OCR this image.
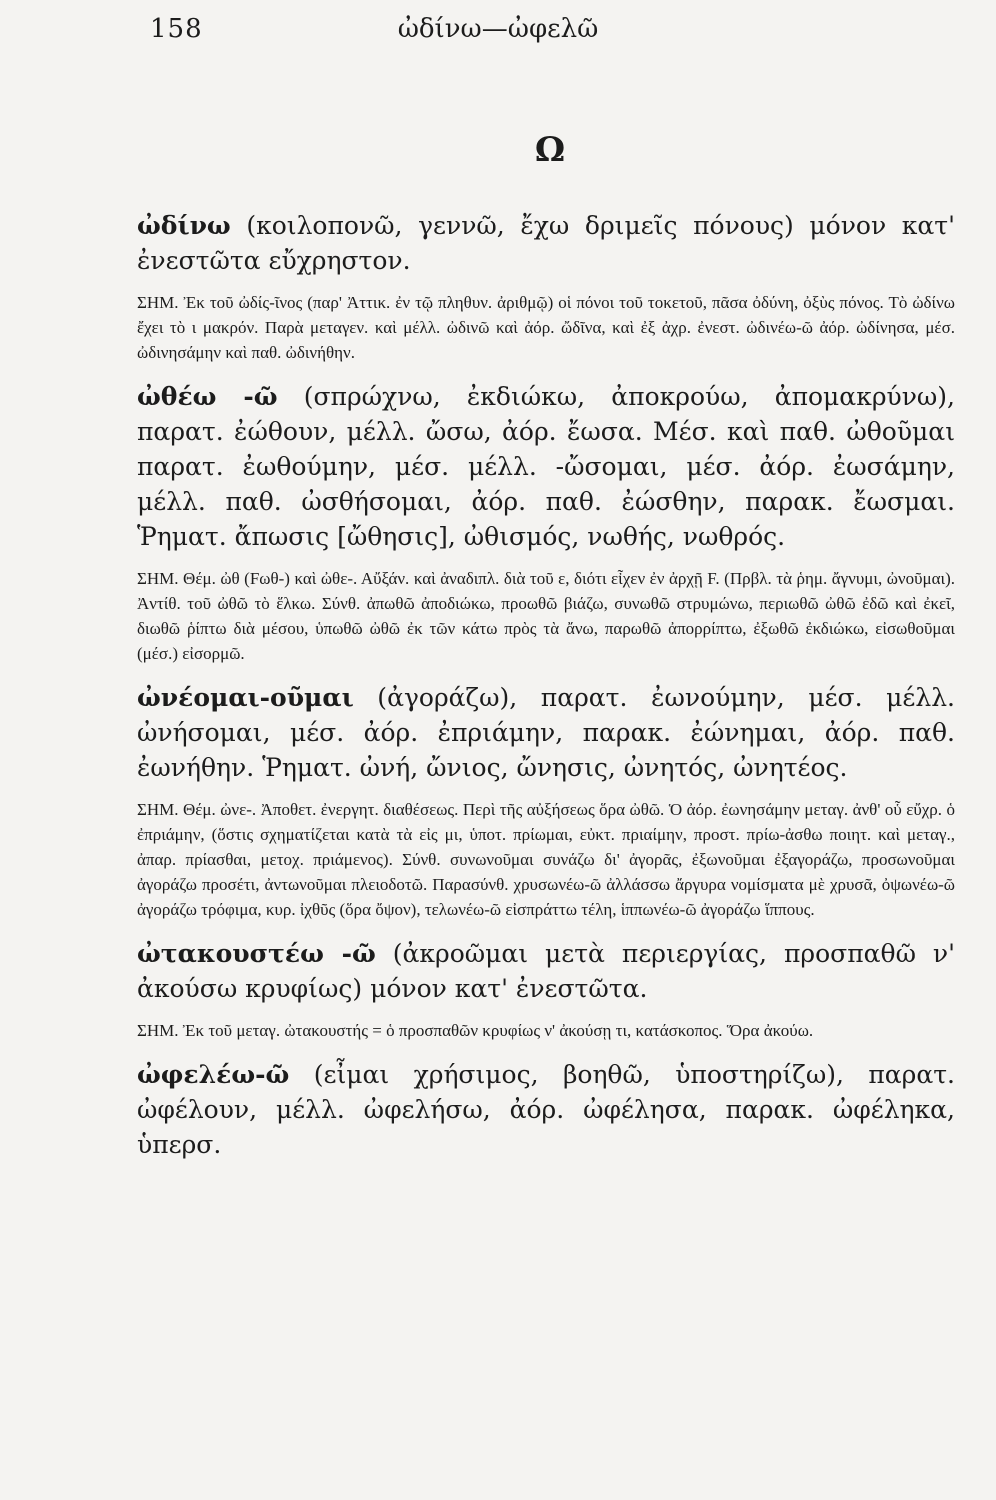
158	ὠδίνω—ὠφελῶ
Ω

ὠδίνω (κοιλοπονῶ, γεννῶ, ἔχω δριμεῖς πόνους) μόνον κατ' ἐνεστῶτα εὔχρηστον.

ΣΗΜ. Ἐκ τοῦ ὠδίς-ῖνος (παρ' Ἀττικ. ἐν τῷ πληθυν. ἀριθμῷ) οἱ πόνοι τοῦ τοκετοῦ, πᾶσα ὀδύνη, ὀξὺς πόνος. Τὸ ὠδίνω ἔχει τὸ ι μακρόν. Παρὰ μεταγεν. καὶ μέλλ. ὠδινῶ καὶ ἀόρ. ὤδῖνα, καὶ ἐξ ἀχρ. ἐνεστ. ὠδινέω-ῶ ἀόρ. ὠδίνησα, μέσ. ὠδινησάμην καὶ παθ. ὠδινήθην.

ὠθέω -ῶ (σπρώχνω, ἐκδιώκω, ἀποκρούω, ἀπομακρύνω), παρατ. ἐώθουν, μέλλ. ὤσω, ἀόρ. ἔωσα. Μέσ. καὶ παθ. ὠθοῦμαι παρατ. ἐωθούμην, μέσ. μέλλ. -ὤσομαι, μέσ. ἀόρ. ἐωσάμην, μέλλ. παθ. ὠσθήσομαι, ἀόρ. παθ. ἐώσθην, παρακ. ἔωσμαι. Ῥηματ. ἄπωσις [ὤθησις], ὠθισμός, νωθής, νωθρός.

ΣΗΜ. Θέμ. ὠθ (Fωθ-) καὶ ὠθε-. Αὔξάν. καὶ ἀναδιπλ. διὰ τοῦ ε, διότι εἶχεν ἐν ἀρχῇ F. (Πρβλ. τὰ ῥημ. ἄγνυμι, ὠνοῦμαι). Ἀντίθ. τοῦ ὠθῶ τὸ ἕλκω. Σύνθ. ἀπωθῶ ἀποδιώκω, προωθῶ βιάζω, συνωθῶ στρυμώνω, περιωθῶ ὠθῶ ἐδῶ καὶ ἐκεῖ, διωθῶ ῥίπτω διὰ μέσου, ὑπωθῶ ὠθῶ ἐκ τῶν κάτω πρὸς τὰ ἄνω, παρωθῶ ἀπορρίπτω, ἐξωθῶ ἐκδιώκω, εἰσωθοῦμαι (μέσ.) εἰσορμῶ.

ὠνέομαι-οῦμαι (ἀγοράζω), παρατ. ἐωνούμην, μέσ. μέλλ. ὠνήσομαι, μέσ. ἀόρ. ἐπριάμην, παρακ. ἐώνημαι, ἀόρ. παθ. ἐωνήθην. Ῥηματ. ὠνή, ὤνιος, ὤνησις, ὠνητός, ὠνητέος.

ΣΗΜ. Θέμ. ὠνε-. Ἀποθετ. ἐνεργητ. διαθέσεως. Περὶ τῆς αὐξήσεως ὅρα ὠθῶ. Ὁ ἀόρ. ἐωνησάμην μεταγ. ἀνθ' οὗ εὔχρ. ὁ ἐπριάμην, (ὅστις σχηματίζεται κατὰ τὰ εἰς μι, ὑποτ. πρίωμαι, εὐκτ. πριαίμην, προστ. πρίω-ἀσθω ποιητ. καὶ μεταγ., ἀπαρ. πρίασθαι, μετοχ. πριάμενος). Σύνθ. συνωνοῦμαι συνάζω δι' ἀγορᾶς, ἐξωνοῦμαι ἐξαγοράζω, προσωνοῦμαι ἀγοράζω προσέτι, ἀντωνοῦμαι πλειοδοτῶ. Παρασύνθ. χρυσωνέω-ῶ ἀλλάσσω ἄργυρα νομίσματα μὲ χρυσᾶ, ὀψωνέω-ῶ ἀγοράζω τρόφιμα, κυρ. ἰχθῦς (ὅρα ὄψον), τελωνέω-ῶ εἰσπράττω τέλη, ἱππωνέω-ῶ ἀγοράζω ἵππους.

ὠτακουστέω -ῶ (ἀκροῶμαι μετὰ περιεργίας, προσπαθῶ ν' ἀκούσω κρυφίως) μόνον κατ' ἐνεστῶτα.

ΣΗΜ. Ἐκ τοῦ μεταγ. ὠτακουστής = ὁ προσπαθῶν κρυφίως ν' ἀκούσῃ τι, κατάσκοπος. Ὅρα ἀκούω.

ὠφελέω-ῶ (εἶμαι χρήσιμος, βοηθῶ, ὑποστηρίζω), παρατ. ὠφέλουν, μέλλ. ὠφελήσω, ἀόρ. ὠφέλησα, παρακ. ὠφέληκα, ὑπερσ.
